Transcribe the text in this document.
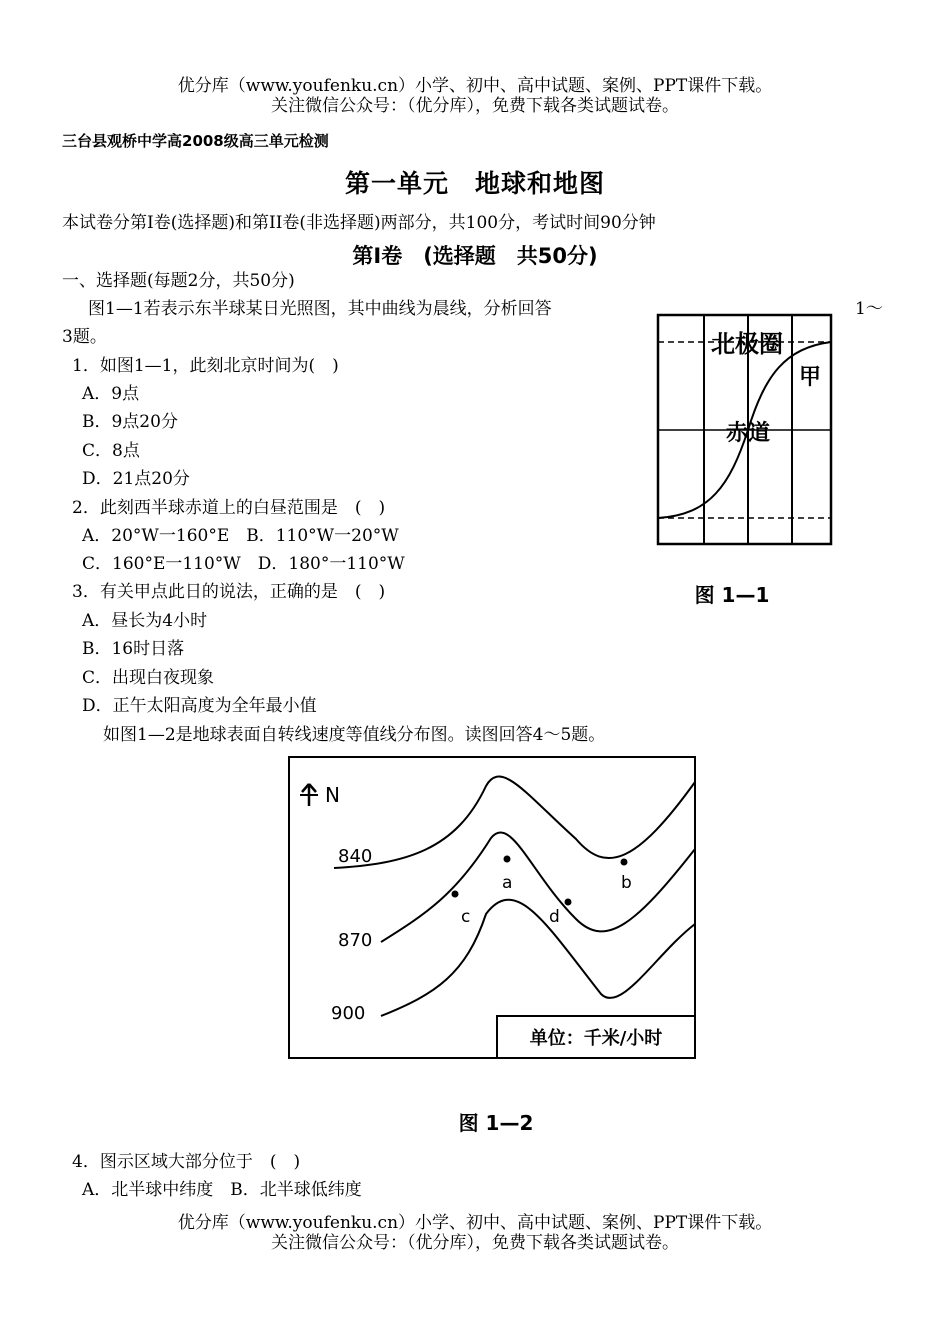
优分库（www.youfenku.cn）小学、初中、高中试题、案例、PPT课件下载。
关注微信公众号：（优分库），免费下载各类试题试卷。
三台县观桥中学高2008级高三单元检测
第一单元　地球和地图
本试卷分第I卷(选择题)和第II卷(非选择题)两部分，共100分，考试时间90分钟
第I卷　(选择题　共50分)
一、选择题(每题2分，共50分)
图1—1若表示东半球某日光照图，其中曲线为晨线，分析回答	1～
3题。
1．如图1—1，此刻北京时间为(　)
A．9点
B．9点20分
C．8点
D．21点20分
2．此刻西半球赤道上的白昼范围是　(　)
A．20°W一160°E　B．110°W一20°W
C．160°E一110°W　D．180°一110°W
3．有关甲点此日的说法，正确的是　(　)
A．昼长为4小时
B．16时日落
C．出现白夜现象
D．正午太阳高度为全年最小值
如图1—2是地球表面自转线速度等值线分布图。读图回答4～5题。
北极圈
甲
赤道
图 1—1
N
840
870
900
a	b
c	d
单位：千米/小时
图 1—2
4．图示区域大部分位于　(　)
A．北半球中纬度　B．北半球低纬度
优分库（www.youfenku.cn）小学、初中、高中试题、案例、PPT课件下载。
关注微信公众号：（优分库），免费下载各类试题试卷。
